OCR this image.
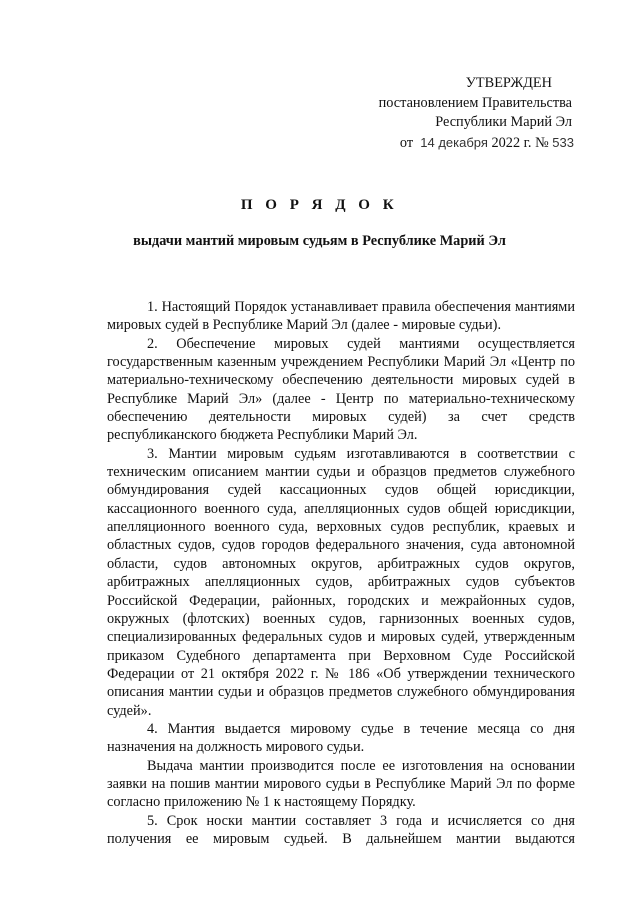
УТВЕРЖДЕН
постановлением Правительства
Республики Марий Эл
от 14 декабря 2022 г. № 533
П О Р Я Д О К
выдачи мантий мировым судьям в Республике Марий Эл

1. Настоящий Порядок устанавливает правила обеспечения мантиями мировых судей в Республике Марий Эл (далее - мировые судьи).

2. Обеспечение мировых судей мантиями осуществляется государственным казенным учреждением Республики Марий Эл «Центр по материально-техническому обеспечению деятельности мировых судей в Республике Марий Эл» (далее - Центр по материально-техническому обеспечению деятельности мировых судей) за счет средств республиканского бюджета Республики Марий Эл.

3. Мантии мировым судьям изготавливаются в соответствии с техническим описанием мантии судьи и образцов предметов служебного обмундирования судей кассационных судов общей юрисдикции, кассационного военного суда, апелляционных судов общей юрисдикции, апелляционного военного суда, верховных судов республик, краевых и областных судов, судов городов федерального значения, суда автономной области, судов автономных округов, арбитражных судов округов, арбитражных апелляционных судов, арбитражных судов субъектов Российской Федерации, районных, городских и межрайонных судов, окружных (флотских) военных судов, гарнизонных военных судов, специализированных федеральных судов и мировых судей, утвержденным приказом Судебного департамента при Верховном Суде Российской Федерации от 21 октября 2022 г. № 186 «Об утверждении технического описания мантии судьи и образцов предметов служебного обмундирования судей».

4. Мантия выдается мировому судье в течение месяца со дня назначения на должность мирового судьи.

Выдача мантии производится после ее изготовления на основании заявки на пошив мантии мирового судьи в Республике Марий Эл по форме согласно приложению № 1 к настоящему Порядку.

5. Срок носки мантии составляет 3 года и исчисляется со дня получения ее мировым судьей. В дальнейшем мантии выдаются
